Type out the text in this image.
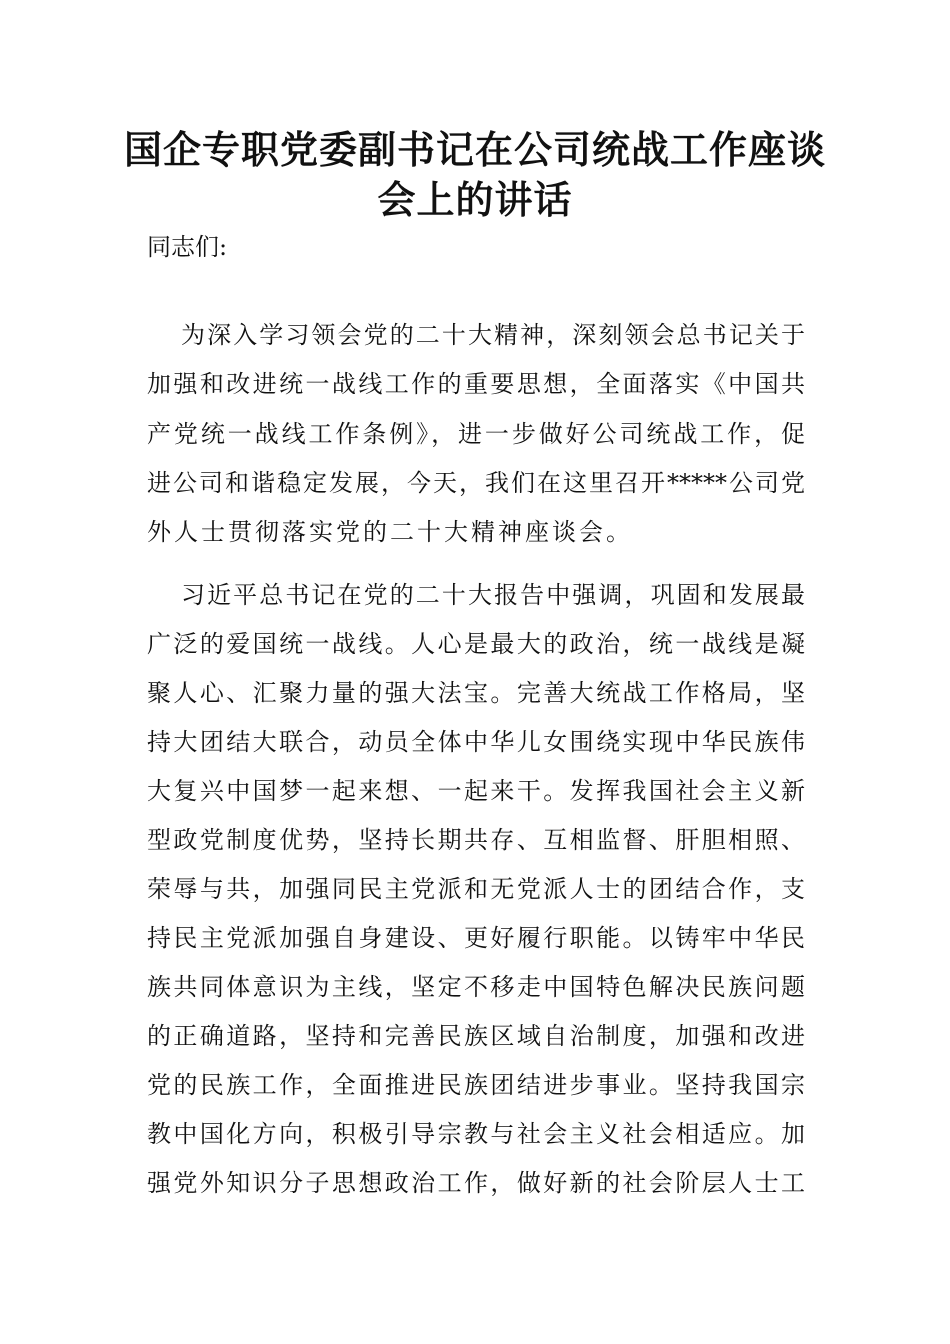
国企专职党委副书记在公司统战工作座谈
会上的讲话

同志们:

为深入学习领会党的二十大精神，深刻领会总书记关于

加强和改进统一战线工作的重要思想，全面落实《中国共

产党统一战线工作条例》，进一步做好公司统战工作，促

进公司和谐稳定发展，今天，我们在这里召开*****公司党

外人士贯彻落实党的二十大精神座谈会。

习近平总书记在党的二十大报告中强调，巩固和发展最

广泛的爱国统一战线。人心是最大的政治，统一战线是凝

聚人心、汇聚力量的强大法宝。完善大统战工作格局，坚

持大团结大联合，动员全体中华儿女围绕实现中华民族伟

大复兴中国梦一起来想、一起来干。发挥我国社会主义新

型政党制度优势，坚持长期共存、互相监督、肝胆相照、

荣辱与共，加强同民主党派和无党派人士的团结合作，支

持民主党派加强自身建设、更好履行职能。以铸牢中华民

族共同体意识为主线，坚定不移走中国特色解决民族问题

的正确道路，坚持和完善民族区域自治制度，加强和改进

党的民族工作，全面推进民族团结进步事业。坚持我国宗

教中国化方向，积极引导宗教与社会主义社会相适应。加

强党外知识分子思想政治工作，做好新的社会阶层人士工
